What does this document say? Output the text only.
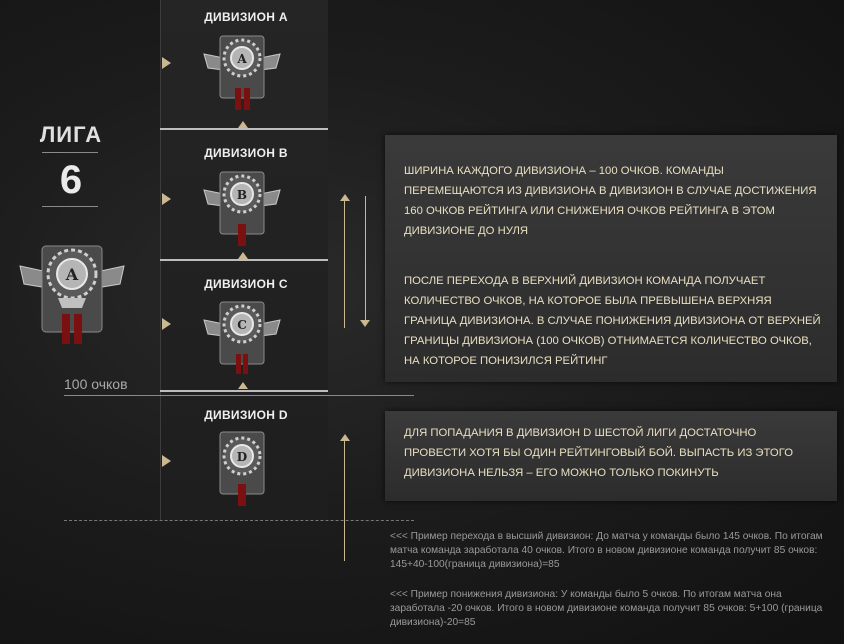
ЛИГА
6
A
ДИВИЗИОН A
A
ДИВИЗИОН B
B
ДИВИЗИОН C
C
100 очков
ДИВИЗИОН D
D

ШИРИНА КАЖДОГО ДИВИЗИОНА – 100 ОЧКОВ. КОМАНДЫ ПЕРЕМЕЩАЮТСЯ ИЗ ДИВИЗИОНА В ДИВИЗИОН В СЛУЧАЕ ДОСТИЖЕНИЯ 160 ОЧКОВ РЕЙТИНГА ИЛИ СНИЖЕНИЯ ОЧКОВ РЕЙТИНГА В ЭТОМ ДИВИЗИОНЕ ДО НУЛЯ

ПОСЛЕ ПЕРЕХОДА В ВЕРХНИЙ ДИВИЗИОН КОМАНДА ПОЛУЧАЕТ КОЛИЧЕСТВО ОЧКОВ, НА КОТОРОЕ БЫЛА ПРЕВЫШЕНА ВЕРХНЯЯ ГРАНИЦА ДИВИЗИОНА. В СЛУЧАЕ ПОНИЖЕНИЯ ДИВИЗИОНА ОТ ВЕРХНЕЙ ГРАНИЦЫ ДИВИЗИОНА (100 ОЧКОВ) ОТНИМАЕТСЯ КОЛИЧЕСТВО ОЧКОВ, НА КОТОРОЕ ПОНИЗИЛСЯ РЕЙТИНГ

ДЛЯ ПОПАДАНИЯ В ДИВИЗИОН D ШЕСТОЙ ЛИГИ ДОСТАТОЧНО ПРОВЕСТИ ХОТЯ БЫ ОДИН РЕЙТИНГОВЫЙ БОЙ. ВЫПАСТЬ ИЗ ЭТОГО ДИВИЗИОНА НЕЛЬЗЯ – ЕГО МОЖНО ТОЛЬКО ПОКИНУТЬ

<<< Пример перехода в высший дивизион: До матча у команды было 145 очков. По итогам матча команда заработала 40 очков. Итого в новом дивизионе команда получит 85 очков: 145+40-100(граница дивизиона)=85
<<< Пример понижения дивизиона: У команды было 5 очков. По итогам матча она заработала -20 очков. Итого в новом дивизионе команда получит 85 очков: 5+100 (граница дивизиона)-20=85
